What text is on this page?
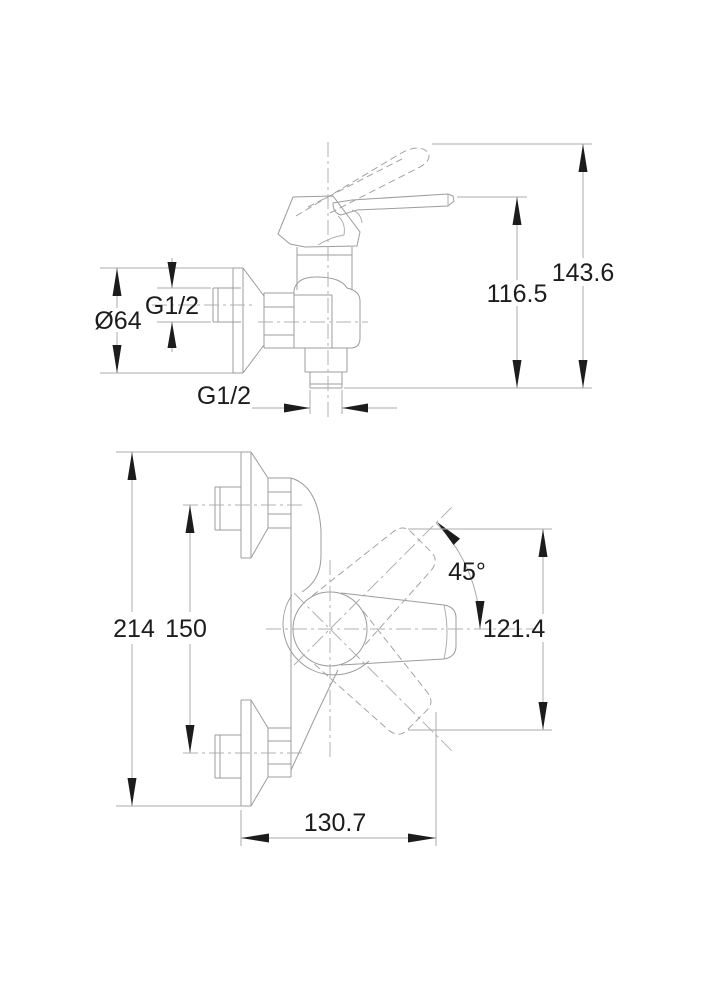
Ø64
G1/2
G1/2
116.5
143.6
214 150
45°
121.4
130.7
